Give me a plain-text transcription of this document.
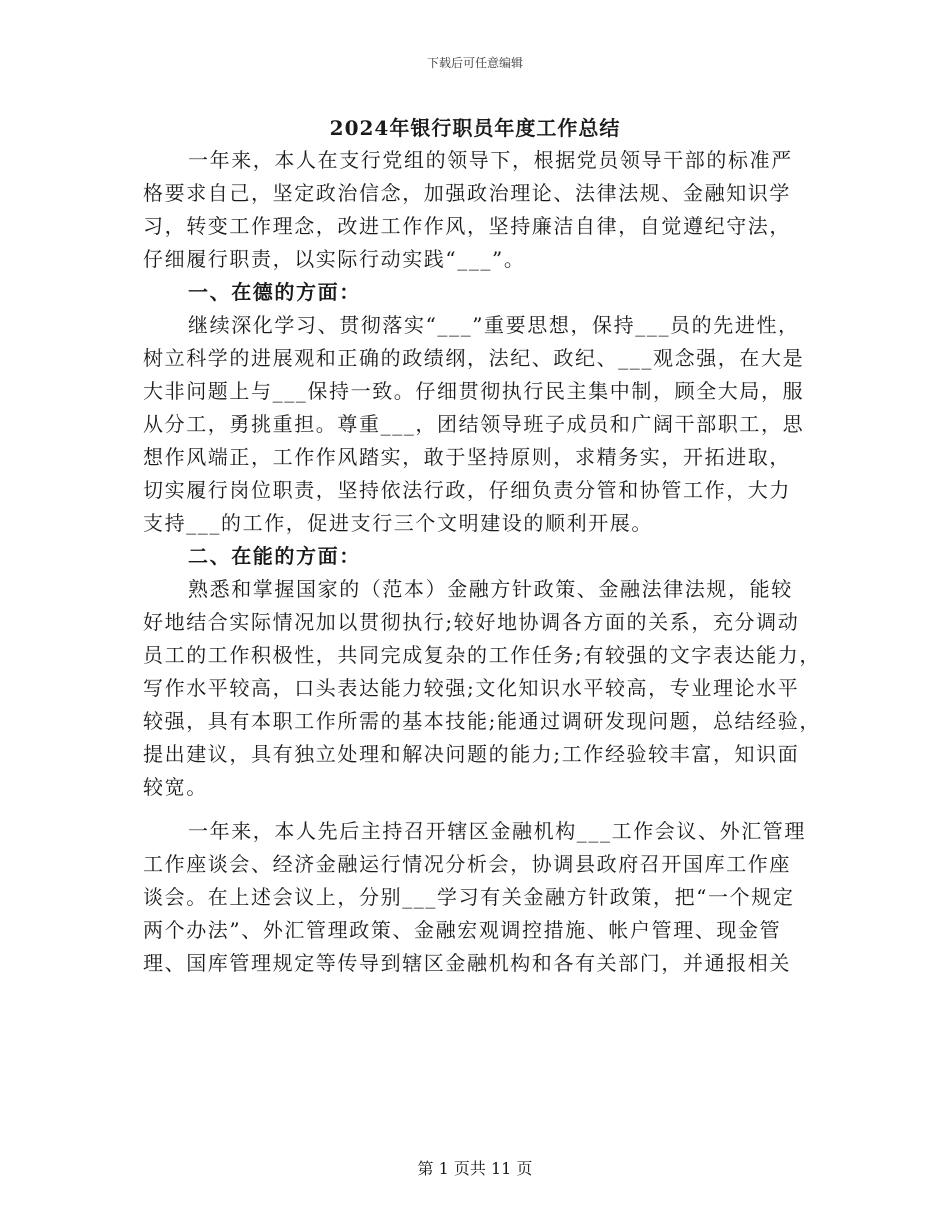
下载后可任意编辑
2024年银行职员年度工作总结
一年来，本人在支行党组的领导下，根据党员领导干部的标准严
格要求自己，坚定政治信念，加强政治理论、法律法规、金融知识学
习，转变工作理念，改进工作作风，坚持廉洁自律，自觉遵纪守法，
仔细履行职责，以实际行动实践“___”。
一、在德的方面：
继续深化学习、贯彻落实“___”重要思想，保持___员的先进性，
树立科学的进展观和正确的政绩纲，法纪、政纪、___观念强，在大是
大非问题上与___保持一致。仔细贯彻执行民主集中制，顾全大局，服
从分工，勇挑重担。尊重___，团结领导班子成员和广阔干部职工，思
想作风端正，工作作风踏实，敢于坚持原则，求精务实，开拓进取，
切实履行岗位职责，坚持依法行政，仔细负责分管和协管工作，大力
支持___的工作，促进支行三个文明建设的顺利开展。
二、在能的方面：
熟悉和掌握国家的（范本）金融方针政策、金融法律法规，能较
好地结合实际情况加以贯彻执行;较好地协调各方面的关系，充分调动
员工的工作积极性，共同完成复杂的工作任务;有较强的文字表达能力，
写作水平较高，口头表达能力较强;文化知识水平较高，专业理论水平
较强，具有本职工作所需的基本技能;能通过调研发现问题，总结经验，
提出建议，具有独立处理和解决问题的能力;工作经验较丰富，知识面
较宽。
一年来，本人先后主持召开辖区金融机构___工作会议、外汇管理
工作座谈会、经济金融运行情况分析会，协调县政府召开国库工作座
谈会。在上述会议上，分别___学习有关金融方针政策，把“一个规定
两个办法”、外汇管理政策、金融宏观调控措施、帐户管理、现金管
理、国库管理规定等传导到辖区金融机构和各有关部门，并通报相关
第 1 页共 11 页
